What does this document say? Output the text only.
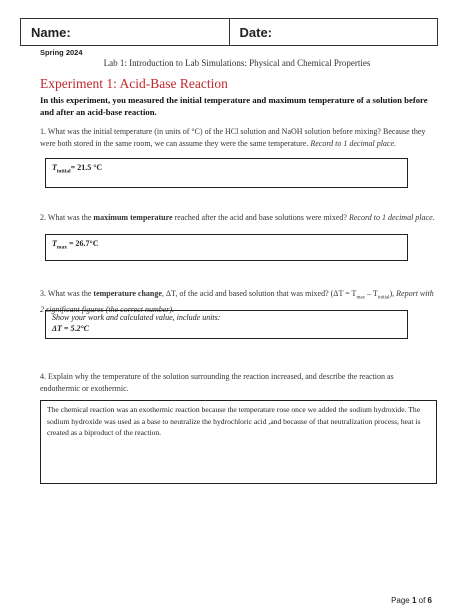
Name:	Date:
Spring 2024
Lab 1: Introduction to Lab Simulations: Physical and Chemical Properties
Experiment 1: Acid-Base Reaction
In this experiment, you measured the initial temperature and maximum temperature of a solution before and after an acid-base reaction.
1. What was the initial temperature (in units of °C) of the HCl solution and NaOH solution before mixing? Because they were both stored in the same room, we can assume they were the same temperature. Record to 1 decimal place.
$T_{initial}= 21.5$ °C
2. What was the maximum temperature reached after the acid and base solutions were mixed? Record to 1 decimal place.
$T_{max} = 26.7^\circ C$
3. What was the temperature change, ΔT, of the acid and based solution that was mixed? $(\Delta T = T_{max} - T_{initial})$, Report with 2 significant figures (the correct number).
Show your work and calculated value, include units:
ΔT = 5.2°C
4. Explain why the temperature of the solution surrounding the reaction increased, and describe the reaction as endothermic or exothermic.
The chemical reaction was an exothermic reaction because the temperature rose once we added the sodium hydroxide. The sodium hydroxide was used as a base to neutralize the hydrochloric acid ,and because of that neutralization process, heat is created as a biproduct of the reaction.
Page 1 of 6
